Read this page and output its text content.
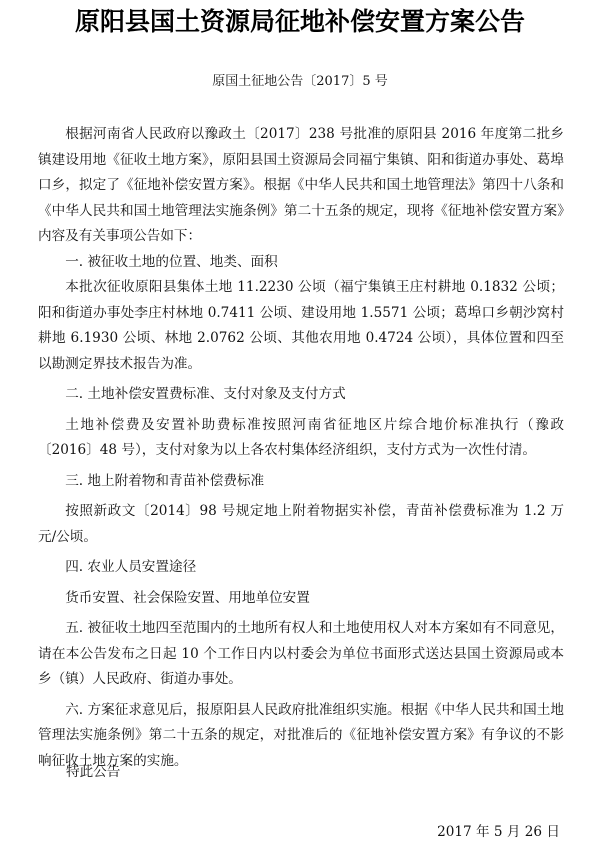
原阳县国土资源局征地补偿安置方案公告
原国土征地公告〔2017〕5 号

根据河南省人民政府以豫政土〔2017〕238 号批准的原阳县 2016 年度第二批乡镇建设用地《征收土地方案》，原阳县国土资源局会同福宁集镇、阳和街道办事处、葛埠口乡，拟定了《征地补偿安置方案》。根据《中华人民共和国土地管理法》第四十八条和《中华人民共和国土地管理法实施条例》第二十五条的规定，现将《征地补偿安置方案》内容及有关事项公告如下：

一. 被征收土地的位置、地类、面积

本批次征收原阳县集体土地 11.2230 公顷（福宁集镇王庄村耕地 0.1832 公顷；阳和街道办事处李庄村林地 0.7411 公顷、建设用地 1.5571 公顷；葛埠口乡朝沙窝村耕地 6.1930 公顷、林地 2.0762 公顷、其他农用地 0.4724 公顷），具体位置和四至以勘测定界技术报告为准。

二. 土地补偿安置费标准、支付对象及支付方式

土地补偿费及安置补助费标准按照河南省征地区片综合地价标准执行（豫政〔2016〕48 号），支付对象为以上各农村集体经济组织，支付方式为一次性付清。

三. 地上附着物和青苗补偿费标准

按照新政文〔2014〕98 号规定地上附着物据实补偿，青苗补偿费标准为 1.2 万元/公顷。

四. 农业人员安置途径

货币安置、社会保险安置、用地单位安置

五. 被征收土地四至范围内的土地所有权人和土地使用权人对本方案如有不同意见，请在本公告发布之日起 10 个工作日内以村委会为单位书面形式送达县国土资源局或本乡（镇）人民政府、街道办事处。

六. 方案征求意见后，报原阳县人民政府批准组织实施。根据《中华人民共和国土地管理法实施条例》第二十五条的规定，对批准后的《征地补偿安置方案》有争议的不影响征收土地方案的实施。

特此公告
2017 年 5 月 26 日
